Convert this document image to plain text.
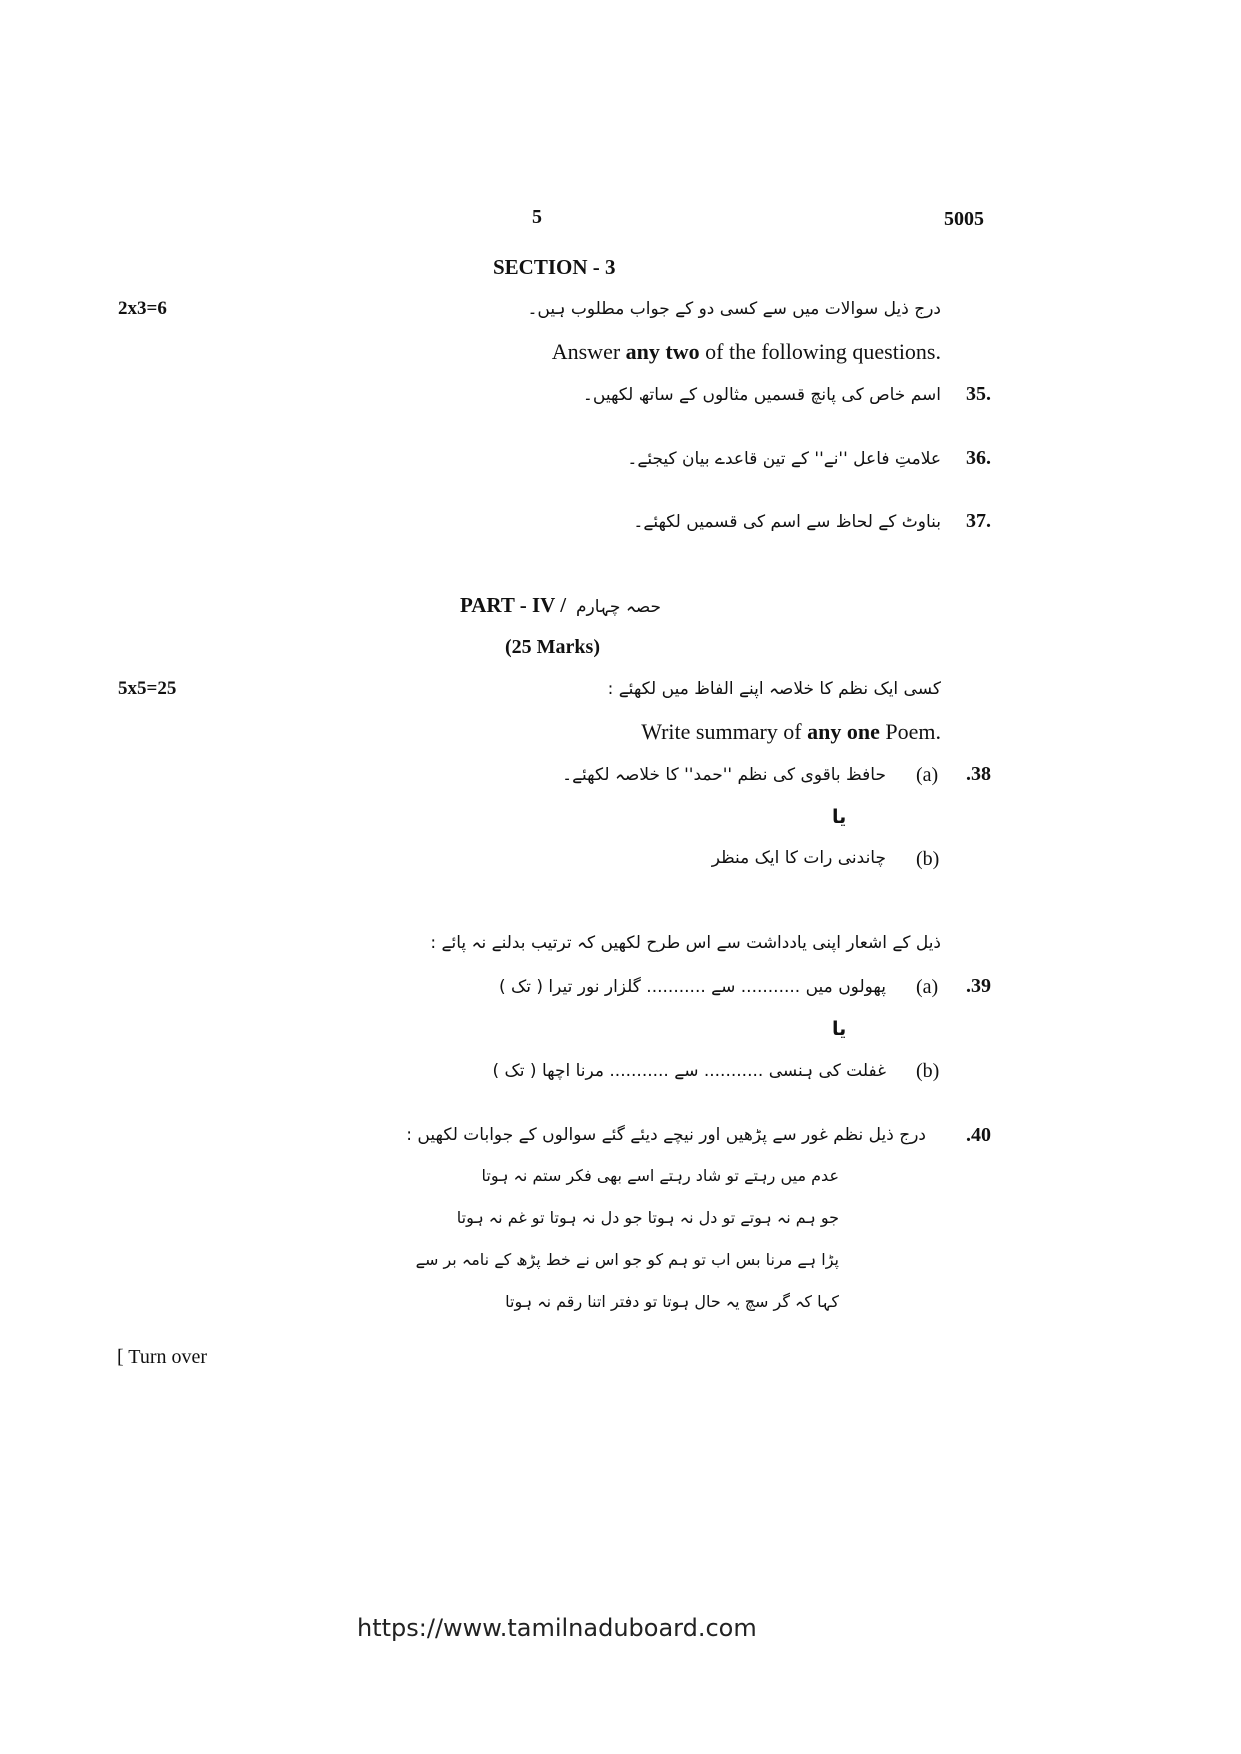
5	5005
SECTION - 3
2x3=6	درج ذیل سوالات میں سے کسی دو کے جواب مطلوب ہیں۔
Answer any two of the following questions.
35.
اسم خاص کی پانچ قسمیں مثالوں کے ساتھ لکھیں۔
36.
علامتِ فاعل ''نے'' کے تین قاعدے بیان کیجئے۔
37.
بناوٹ کے لحاظ سے اسم کی قسمیں لکھئے۔
PART - IV / حصہ چہارم
(25 Marks)
5x5=25	کسی ایک نظم کا خلاصہ اپنے الفاظ میں لکھئے :
Write summary of any one Poem.
.38
(a)
حافظ باقوی کی نظم ''حمد'' کا خلاصہ لکھئے۔
یا
(b)
چاندنی رات کا ایک منظر
ذیل کے اشعار اپنی یادداشت سے اس طرح لکھیں کہ ترتیب بدلنے نہ پائے :
.39
(a)
پھولوں میں ........... سے ........... گلزار نور تیرا ( تک )
یا
(b)
غفلت کی ہنسی ........... سے ........... مرنا اچھا ( تک )
.40
درج ذیل نظم غور سے پڑھیں اور نیچے دیئے گئے سوالوں کے جوابات لکھیں :
عدم میں رہتے تو شاد رہتے اسے بھی فکر ستم نہ ہوتا
جو ہم نہ ہوتے تو دل نہ ہوتا جو دل نہ ہوتا تو غم نہ ہوتا
پڑا ہے مرنا بس اب تو ہم کو جو اس نے خط پڑھ کے نامہ بر سے
کہا کہ گر سچ یہ حال ہوتا تو دفتر اتنا رقم نہ ہوتا
[ Turn over
https://www.tamilnaduboard.com
